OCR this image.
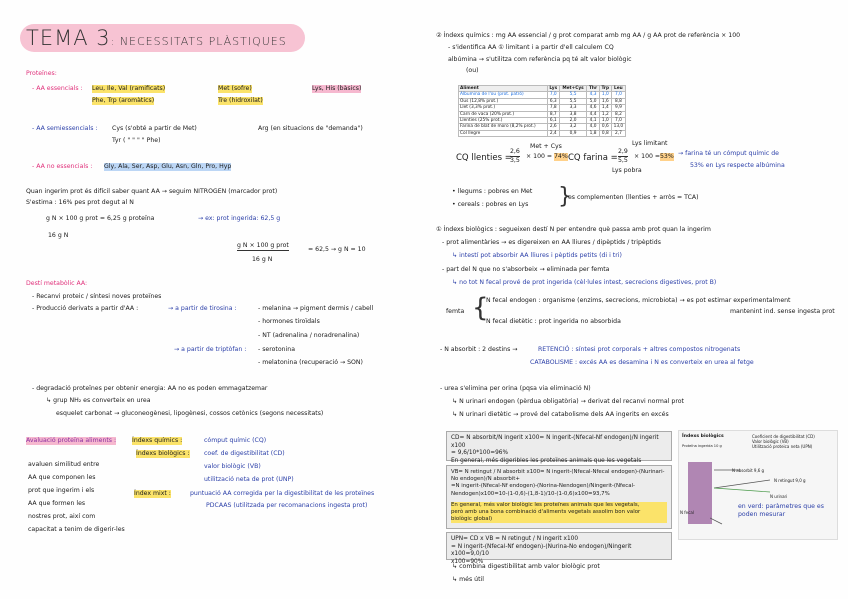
TEMA 3: NECESSITATS PLÀSTIQUES
Proteïnes:
- AA essencials : Leu, Ile, Val (ramificats)
Phe, Trp (aromàtics)
Met (sofre)
Tre (hidroxilat)
Lys, His (bàsics)
- AA semiessencials : Cys (s'obté a partir de Met)
Tyr ( " " " " Phe)
Arg (en situacions de "demanda")
- AA no essencials : Gly, Ala, Ser, Asp, Glu, Asn, Gln, Pro, Hyp
Quan ingerim prot és difícil saber quant AA → seguim NITROGEN (marcador prot)
S'estima : 16% pes prot degut al N
g N × 100 g prot = 6,25 g proteïna	→ ex: prot ingerida: 62,5 g
16 g N
g N × 100 g prot
= 62,5 → g N = 10
16 g N
Destí metabòlic AA:
- Recanvi proteic / síntesi noves proteïnes
- Producció derivats a partir d'AA :	→ a partir de tirosina :	- melanina → pigment dermis / cabell
- hormones tiroïdals
- NT (adrenalina / noradrenalina)
→ a partir de triptòfan : - serotonina
- melatonina (recuperació → SON)
- degradació proteïnes per obtenir energia: AA no es poden emmagatzemar
↳ grup NH₂ es converteix en urea
esquelet carbonat → gluconeogènesi, lipogènesi, cossos cetònics (segons necessitats)
Avaluació proteïna aliments :	Índexs químics :	cómput químic (CQ)
Índexs biològics : coef. de digestibilitat (CD)
valor biològic (VB)
utilització neta de prot (UNP)
Índex mixt :	puntuació AA corregida per la digestibilitat de les proteïnes
PDCAAS (utilitzada per recomanacions ingesta prot)
avaluen similitud entre
AA que componen les
prot que ingerim i els
AA que formen les
nostres prot, així com
capacitat a tenim de digerir-les
② Índexs químics : mg AA essencial / g prot comparat amb mg AA / g AA prot de referència × 100
- s'identifica AA ① limitant i a partir d'ell calculem CQ
albúmina → s'utilitza com referència pq té alt valor biològic
(ou)
Aliment	Lys	Met+Cys	Thr	Trp	Leu
Albumina de l'ou (prot. patró)	7,0	5,5	4,3	1,0	7,0
Ous (12,8% prot.)	6,3	5,5	5,0	1,6	8,8
Llet (3,3% prot.)	7,8	3,3	4,6	1,4	9,9
Carn de vaca (20% prot.)	8,7	3,8	4,4	1,2	8,2
Llenties (25% prot.)	6,1	2,0	4,1	1,0	7,0
Farina de blat de moro (8,2% prot.)	2,6	3,2	4,0	0,6	13,0
Col llegre	2,4	0,9	1,8	0,8	2,7
Met + Cys	Lys limitant
CQ llenties =
2,6
3,5
× 100 = 74% CQ farina =
2,9
5,5
× 100 = 53%
Lys pobra
→ farina té un cómput químic de
53% en Lys respecte albúmina
• llegums : pobres en Met
• cereals : pobres en Lys }
es complementen (llenties + arròs = TCA)
① Índexs biològics : segueixen destí N per entendre què passa amb prot quan la ingerim
- prot alimentàries → es digereixen en AA lliures / dipèptids / tripèptids
↳ intestí pot absorbir AA lliures i pèptids petits (di i tri)
- part del N que no s'absorbeix → eliminada per femta
↳ no tot N fecal prové de prot ingerida (cèl·lules intest, secrecions digestives, prot B)
femta {
N fecal endogen : organisme (enzims, secrecions, microbiota) → es pot estimar experimentalment
mantenint ind. sense ingesta prot
N fecal dietètic : prot ingerida no absorbida
- N absorbit : 2 destins →	RETENCIÓ : síntesi prot corporals + altres compostos nitrogenats
CATABOLISME : excés AA es desamina i N es converteix en urea al fetge
- urea s'elimina per orina (pqsa via eliminació N)
↳ N urinari endogen (pèrdua obligatòria) → derivat del recanvi normal prot
↳ N urinari dietètic → prové del catabolisme dels AA ingerits en excés
CD= N absorbit/N ingerit x100= N ingerit-(Nfecal-Nf endogen)/N ingerit x100
= 9,6/10*100=96%
En general, més digeribles les proteïnes animals que les vegetals
VB= N retingut / N absorbit x100= N ingerit-(Nfecal-Nfecal endogen)-(Nurinari-No endogen)/N absorbit+
=N ingerit-(Nfecal-Nf endogen)-(Norina-Nendogen)/Ningerit-(Nfecal-
Nendogen)x100=10-(1-0,6)-(1,8-1)/10-(1-0,6)x100=93,7%
En general, més valor biològic les proteïnes animals que les vegetals,
però amb una bona combinació d'aliments vegetals assolim bon valor
biològic global)
UPN= CD x VB = N retingut / N ingerit x100
= N ingerit-(Nfecal-Nf endogen)-(Nurina-No endogen)/Ningerit x100=9,0/10
x100=90%
Índexs biològics	Coeficient de digestibilitat (CD)
Valor biològic (VB)
Utilització proteica neta (UPN)
Proteïna ingerida 10 g
N absorbit 9,6 g
N retingut 9,0 g
N fecal
N urinari
en verd: paràmetres que es poden mesurar
↳ combina digestibilitat amb valor biològic prot
↳ més útil
